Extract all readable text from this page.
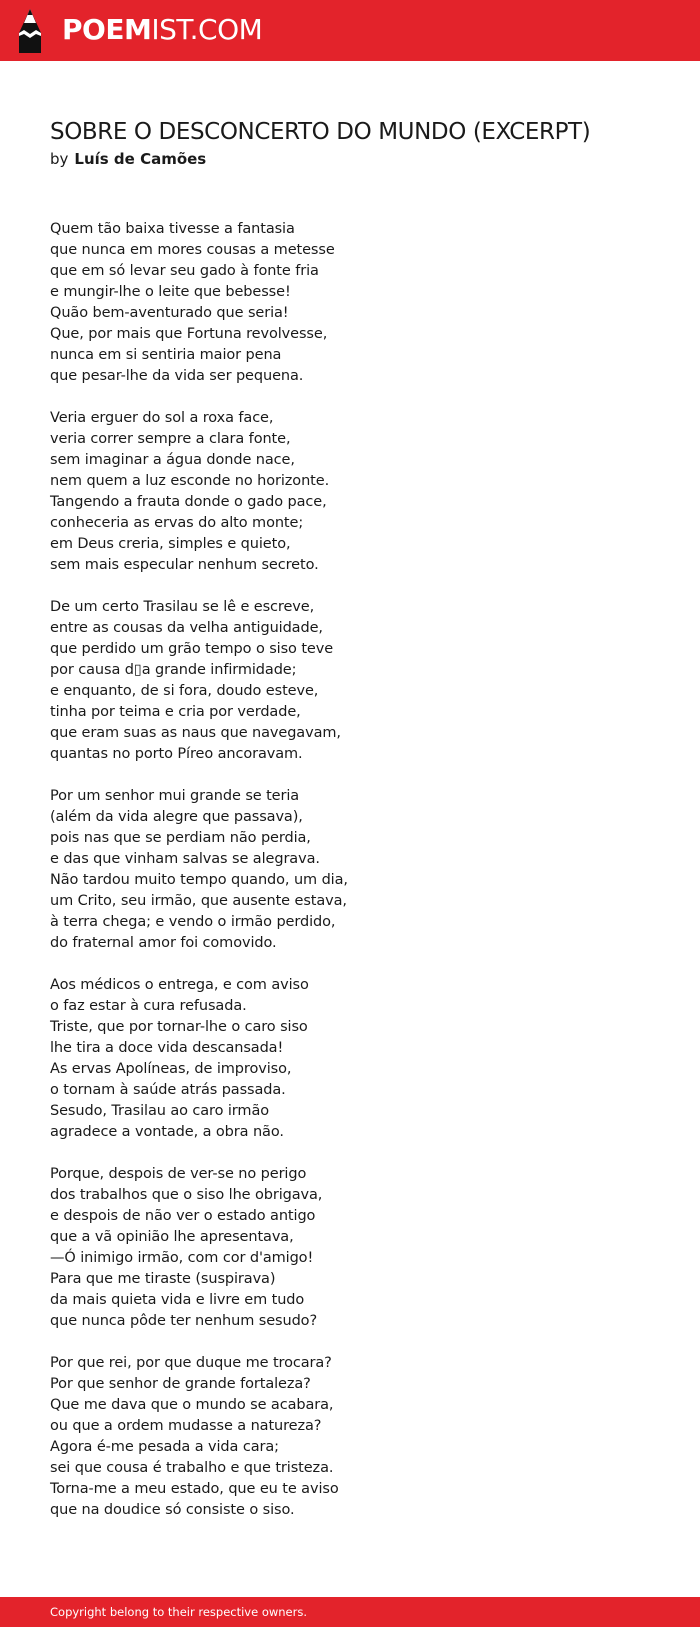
POEMIST.COM
SOBRE O DESCONCERTO DO MUNDO (EXCERPT)
by Luís de Camões
Quem tão baixa tivesse a fantasia
que nunca em mores cousas a metesse
que em só levar seu gado à fonte fria
e mungir-lhe o leite que bebesse!
Quão bem-aventurado que seria!
Que, por mais que Fortuna revolvesse,
nunca em si sentiria maior pena
que pesar-lhe da vida ser pequena.
Veria erguer do sol a roxa face,
veria correr sempre a clara fonte,
sem imaginar a água donde nace,
nem quem a luz esconde no horizonte.
Tangendo a frauta donde o gado pace,
conheceria as ervas do alto monte;
em Deus creria, simples e quieto,
sem mais especular nenhum secreto.
De um certo Trasilau se lê e escreve,
entre as cousas da velha antiguidade,
que perdido um grão tempo o siso teve
por causa d▯a grande infirmidade;
e enquanto, de si fora, doudo esteve,
tinha por teima e cria por verdade,
que eram suas as naus que navegavam,
quantas no porto Píreo ancoravam.
Por um senhor mui grande se teria
(além da vida alegre que passava),
pois nas que se perdiam não perdia,
e das que vinham salvas se alegrava.
Não tardou muito tempo quando, um dia,
um Crito, seu irmão, que ausente estava,
à terra chega; e vendo o irmão perdido,
do fraternal amor foi comovido.
Aos médicos o entrega, e com aviso
o faz estar à cura refusada.
Triste, que por tornar-lhe o caro siso
lhe tira a doce vida descansada!
As ervas Apolíneas, de improviso,
o tornam à saúde atrás passada.
Sesudo, Trasilau ao caro irmão
agradece a vontade, a obra não.
Porque, despois de ver-se no perigo
dos trabalhos que o siso lhe obrigava,
e despois de não ver o estado antigo
que a vã opinião lhe apresentava,
—Ó inimigo irmão, com cor d'amigo!
Para que me tiraste (suspirava)
da mais quieta vida e livre em tudo
que nunca pôde ter nenhum sesudo?
Por que rei, por que duque me trocara?
Por que senhor de grande fortaleza?
Que me dava que o mundo se acabara,
ou que a ordem mudasse a natureza?
Agora é-me pesada a vida cara;
sei que cousa é trabalho e que tristeza.
Torna-me a meu estado, que eu te aviso
que na doudice só consiste o siso.
Copyright belong to their respective owners.
